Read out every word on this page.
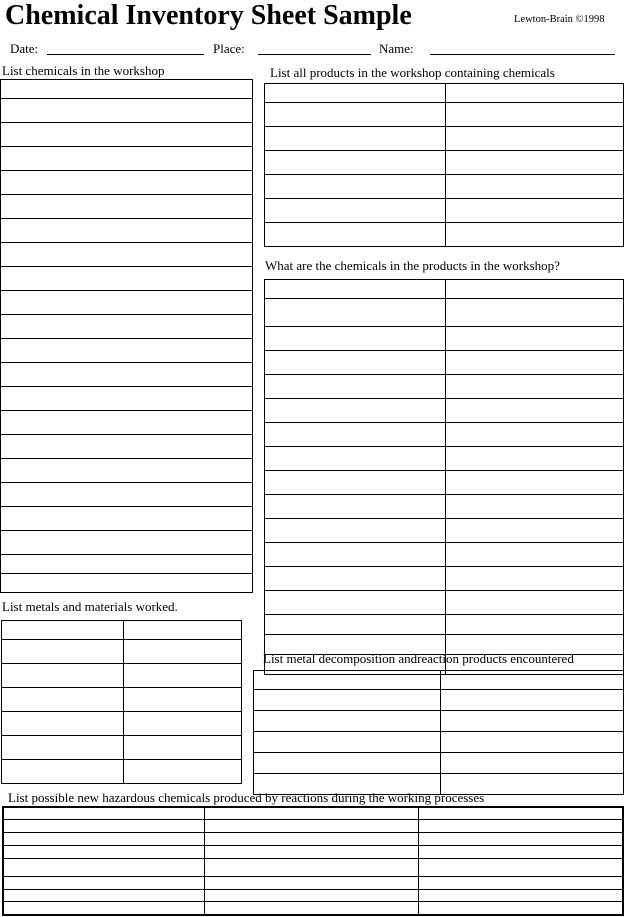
Chemical Inventory Sheet Sample	Lewton-Brain ©1998
Date:	Place:	Name:
List chemicals in the workshop	List all products in the workshop containing chemicals
What are the chemicals in the products in the workshop?
List metals and materials worked.
List metal decomposition andreaction products encountered
List possible new hazardous chemicals produced by reactions during the working processes
